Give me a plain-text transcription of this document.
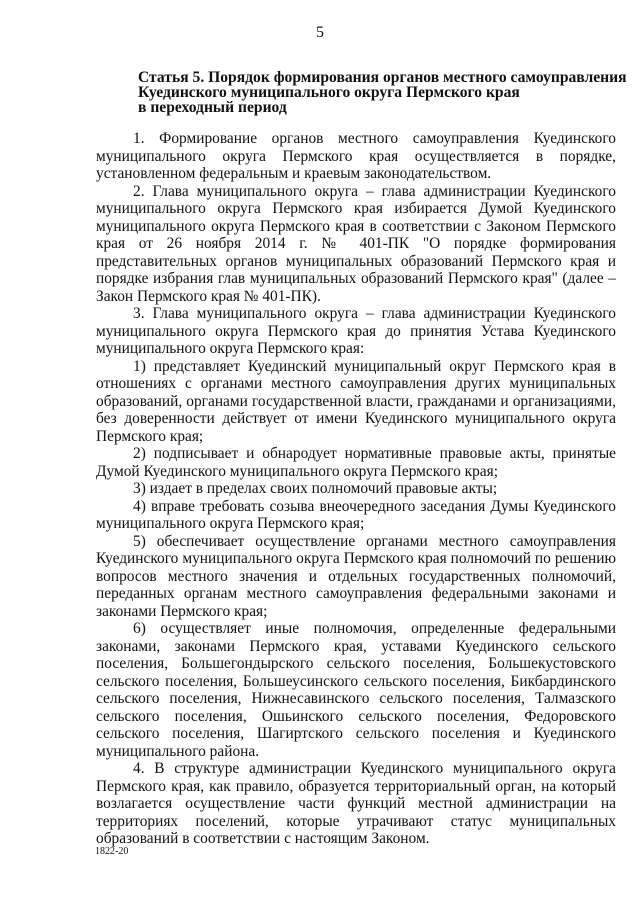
5
Статья 5. Порядок формирования органов местного самоуправления
Куединского муниципального округа Пермского края
в переходный период

1. Формирование органов местного самоуправления Куединского муниципального округа Пермского края осуществляется в порядке, установленном федеральным и краевым законодательством.

2. Глава муниципального округа – глава администрации Куединского муниципального округа Пермского края избирается Думой Куединского муниципального округа Пермского края в соответствии с Законом Пермского края от 26 ноября 2014 г. № 401-ПК "О порядке формирования представительных органов муниципальных образований Пермского края и порядке избрания глав муниципальных образований Пермского края" (далее – Закон Пермского края № 401-ПК).

3. Глава муниципального округа – глава администрации Куединского муниципального округа Пермского края до принятия Устава Куединского муниципального округа Пермского края:

1) представляет Куединский муниципальный округ Пермского края в отношениях с органами местного самоуправления других муниципальных образований, органами государственной власти, гражданами и организациями, без доверенности действует от имени Куединского муниципального округа Пермского края;

2) подписывает и обнародует нормативные правовые акты, принятые Думой Куединского муниципального округа Пермского края;

3) издает в пределах своих полномочий правовые акты;

4) вправе требовать созыва внеочередного заседания Думы Куединского муниципального округа Пермского края;

5) обеспечивает осуществление органами местного самоуправления Куединского муниципального округа Пермского края полномочий по решению вопросов местного значения и отдельных государственных полномочий, переданных органам местного самоуправления федеральными законами и законами Пермского края;

6) осуществляет иные полномочия, определенные федеральными законами, законами Пермского края, уставами Куединского сельского поселения, Большегондырского сельского поселения, Большекустовского сельского поселения, Большеусинского сельского поселения, Бикбардинского сельского поселения, Нижнесавинского сельского поселения, Талмазского сельского поселения, Ошьинского сельского поселения, Федоровского сельского поселения, Шагиртского сельского поселения и Куединского муниципального района.

4. В структуре администрации Куединского муниципального округа Пермского края, как правило, образуется территориальный орган, на который возлагается осуществление части функций местной администрации на территориях поселений, которые утрачивают статус муниципальных образований в соответствии с настоящим Законом.

1822-20
